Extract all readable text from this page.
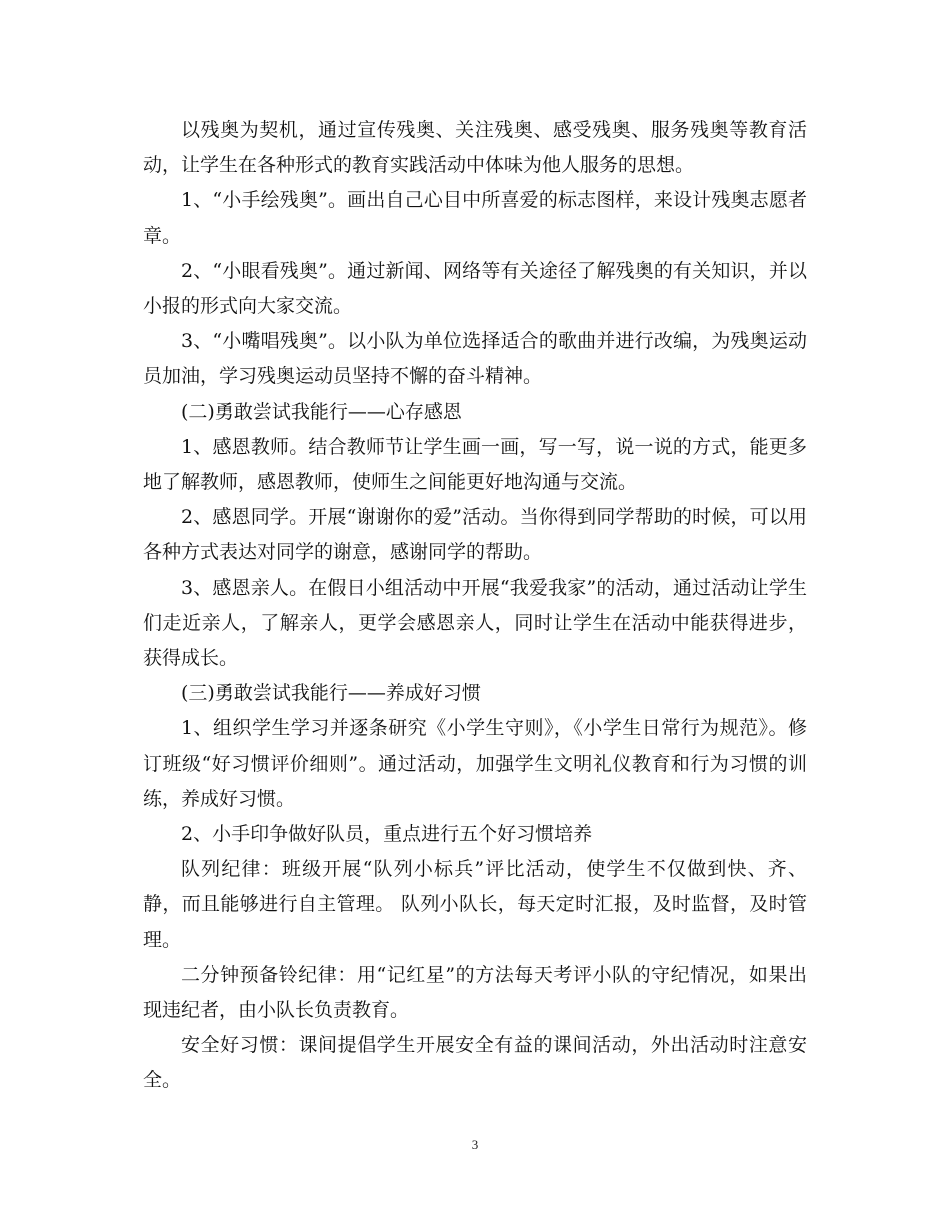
以残奥为契机，通过宣传残奥、关注残奥、感受残奥、服务残奥等教育活动，让学生在各种形式的教育实践活动中体味为他人服务的思想。

1、“小手绘残奥”。画出自己心目中所喜爱的标志图样，来设计残奥志愿者章。

2、“小眼看残奥”。通过新闻、网络等有关途径了解残奥的有关知识，并以小报的形式向大家交流。

3、“小嘴唱残奥”。以小队为单位选择适合的歌曲并进行改编，为残奥运动员加油，学习残奥运动员坚持不懈的奋斗精神。

(二)勇敢尝试我能行——心存感恩

1、感恩教师。结合教师节让学生画一画，写一写，说一说的方式，能更多地了解教师，感恩教师，使师生之间能更好地沟通与交流。

2、感恩同学。开展“谢谢你的爱”活动。当你得到同学帮助的时候，可以用各种方式表达对同学的谢意，感谢同学的帮助。

3、感恩亲人。在假日小组活动中开展“我爱我家”的活动，通过活动让学生们走近亲人，了解亲人，更学会感恩亲人，同时让学生在活动中能获得进步，获得成长。

(三)勇敢尝试我能行——养成好习惯

1、组织学生学习并逐条研究《小学生守则》，《小学生日常行为规范》。修订班级“好习惯评价细则”。通过活动，加强学生文明礼仪教育和行为习惯的训练，养成好习惯。

2、小手印争做好队员，重点进行五个好习惯培养

队列纪律：班级开展“队列小标兵”评比活动，使学生不仅做到快、齐、静，而且能够进行自主管理。 队列小队长，每天定时汇报，及时监督，及时管理。

二分钟预备铃纪律：用“记红星”的方法每天考评小队的守纪情况，如果出现违纪者，由小队长负责教育。

安全好习惯：课间提倡学生开展安全有益的课间活动，外出活动时注意安全。

3
